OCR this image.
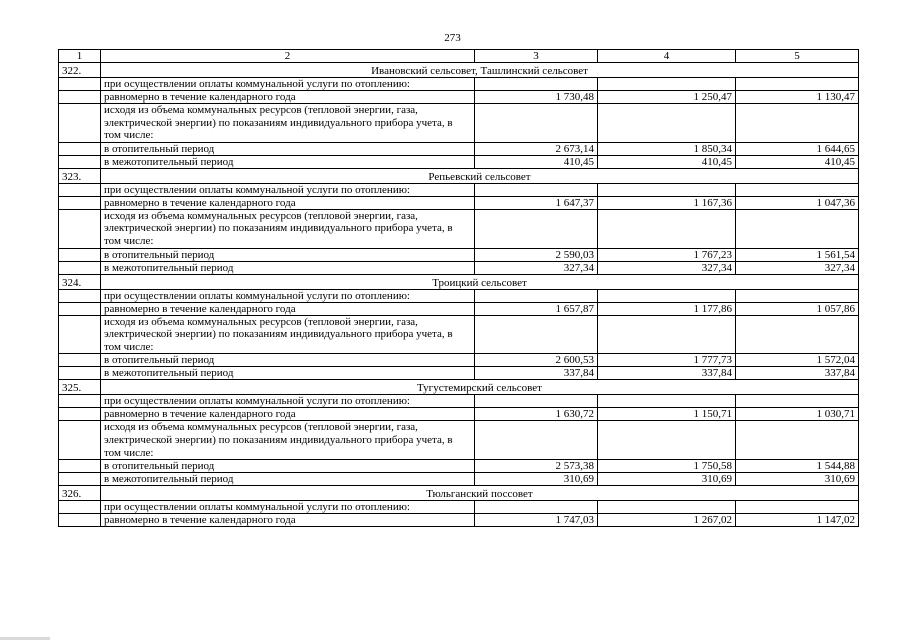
273
1	2	3	4	5
322.	Ивановский сельсовет, Ташлинский сельсовет			
	при осуществлении оплаты коммунальной услуги по отоплению:			
	равномерно в течение календарного года	1 730,48	1 250,47	1 130,47
	исходя из объема коммунальных ресурсов (тепловой энергии, газа, электрической энергии) по показаниям индивидуального прибора учета, в том числе:			
	в отопительный период	2 673,14	1 850,34	1 644,65
	в межотопительный период	410,45	410,45	410,45
323.	Репьевский сельсовет			
	при осуществлении оплаты коммунальной услуги по отоплению:			
	равномерно в течение календарного года	1 647,37	1 167,36	1 047,36
	исходя из объема коммунальных ресурсов (тепловой энергии, газа, электрической энергии) по показаниям индивидуального прибора учета, в том числе:			
	в отопительный период	2 590,03	1 767,23	1 561,54
	в межотопительный период	327,34	327,34	327,34
324.	Троицкий сельсовет			
	при осуществлении оплаты коммунальной услуги по отоплению:			
	равномерно в течение календарного года	1 657,87	1 177,86	1 057,86
	исходя из объема коммунальных ресурсов (тепловой энергии, газа, электрической энергии) по показаниям индивидуального прибора учета, в том числе:			
	в отопительный период	2 600,53	1 777,73	1 572,04
	в межотопительный период	337,84	337,84	337,84
325.	Тугустемирский сельсовет			
	при осуществлении оплаты коммунальной услуги по отоплению:			
	равномерно в течение календарного года	1 630,72	1 150,71	1 030,71
	исходя из объема коммунальных ресурсов (тепловой энергии, газа, электрической энергии) по показаниям индивидуального прибора учета, в том числе:			
	в отопительный период	2 573,38	1 750,58	1 544,88
	в межотопительный период	310,69	310,69	310,69
326.	Тюльганский поссовет			
	при осуществлении оплаты коммунальной услуги по отоплению:			
	равномерно в течение календарного года	1 747,03	1 267,02	1 147,02
